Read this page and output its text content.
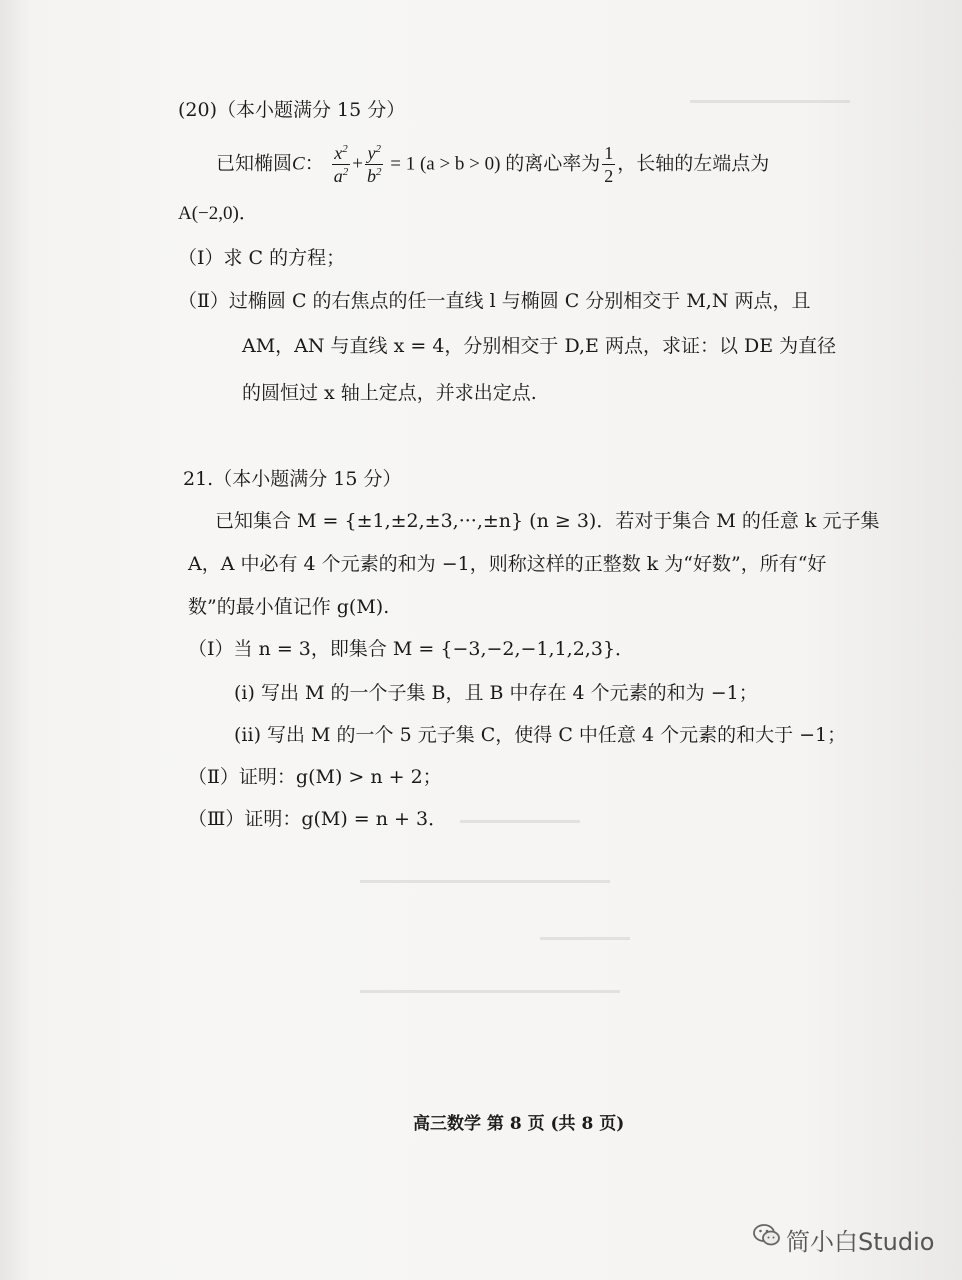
(20)（本小题满分 15 分）
已知椭圆C： $\frac{x^2}{a^2} + \frac{y^2}{b^2} = 1$ (a > b > 0) 的离心率为 $\frac{1}{2}$ ，长轴的左端点为
A(−2,0)．
（Ⅰ）求 C 的方程；
（Ⅱ）过椭圆 C 的右焦点的任一直线 l 与椭圆 C 分别相交于 M,N 两点，且
AM，AN 与直线 x = 4，分别相交于 D,E 两点，求证：以 DE 为直径
的圆恒过 x 轴上定点，并求出定点.
21.（本小题满分 15 分）
已知集合 M = {±1,±2,±3,···,±n} (n ≥ 3)．若对于集合 M 的任意 k 元子集
A，A 中必有 4 个元素的和为 −1，则称这样的正整数 k 为“好数”，所有“好
数”的最小值记作 g(M).
（Ⅰ）当 n = 3，即集合 M = {−3,−2,−1,1,2,3}．
(i) 写出 M 的一个子集 B，且 B 中存在 4 个元素的和为 −1；
(ii) 写出 M 的一个 5 元子集 C，使得 C 中任意 4 个元素的和大于 −1；
（Ⅱ）证明：g(M) > n + 2；
（Ⅲ）证明：g(M) = n + 3．
高三数学 第 8 页 (共 8 页)
简小白Studio
